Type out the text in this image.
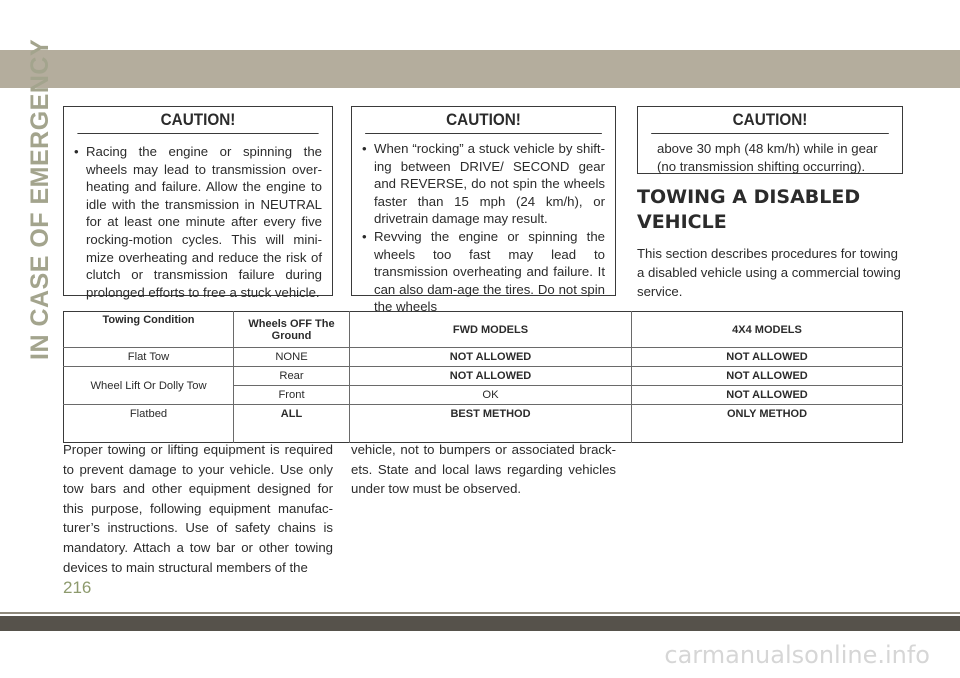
IN CASE OF EMERGENCY	CAUTION!
• Racing the engine or spinning the wheels may lead to transmission over-heating and failure. Allow the engine to idle with the transmission in NEUTRAL for at least one minute after every five rocking-motion cycles. This will mini-mize overheating and reduce the risk of clutch or transmission failure during prolonged efforts to free a stuck vehicle.
CAUTION!
• When “rocking” a stuck vehicle by shift-ing between DRIVE/ SECOND gear and REVERSE, do not spin the wheels faster than 15 mph (24 km/h), or drivetrain damage may result.
• Revving the engine or spinning the wheels too fast may lead to transmission overheating and failure. It can also dam-age the tires. Do not spin the wheels
CAUTION!
above 30 mph (48 km/h) while in gear (no transmission shifting occurring).
TOWING A DISABLED VEHICLE
This section describes procedures for towing a disabled vehicle using a commercial towing service.
Towing Condition	Wheels OFF The Ground	FWD MODELS	4X4 MODELS
Flat Tow	NONE	NOT ALLOWED	NOT ALLOWED
Wheel Lift Or Dolly Tow	Rear	NOT ALLOWED	NOT ALLOWED
	Front	OK	NOT ALLOWED
Flatbed	ALL	BEST METHOD	ONLY METHOD
Proper towing or lifting equipment is required to prevent damage to your vehicle. Use only tow bars and other equipment designed for this purpose, following equipment manufac-turer’s instructions. Use of safety chains is mandatory. Attach a tow bar or other towing devices to main structural members of the
vehicle, not to bumpers or associated brack-ets. State and local laws regarding vehicles under tow must be observed.
216
carmanualsonline.info
